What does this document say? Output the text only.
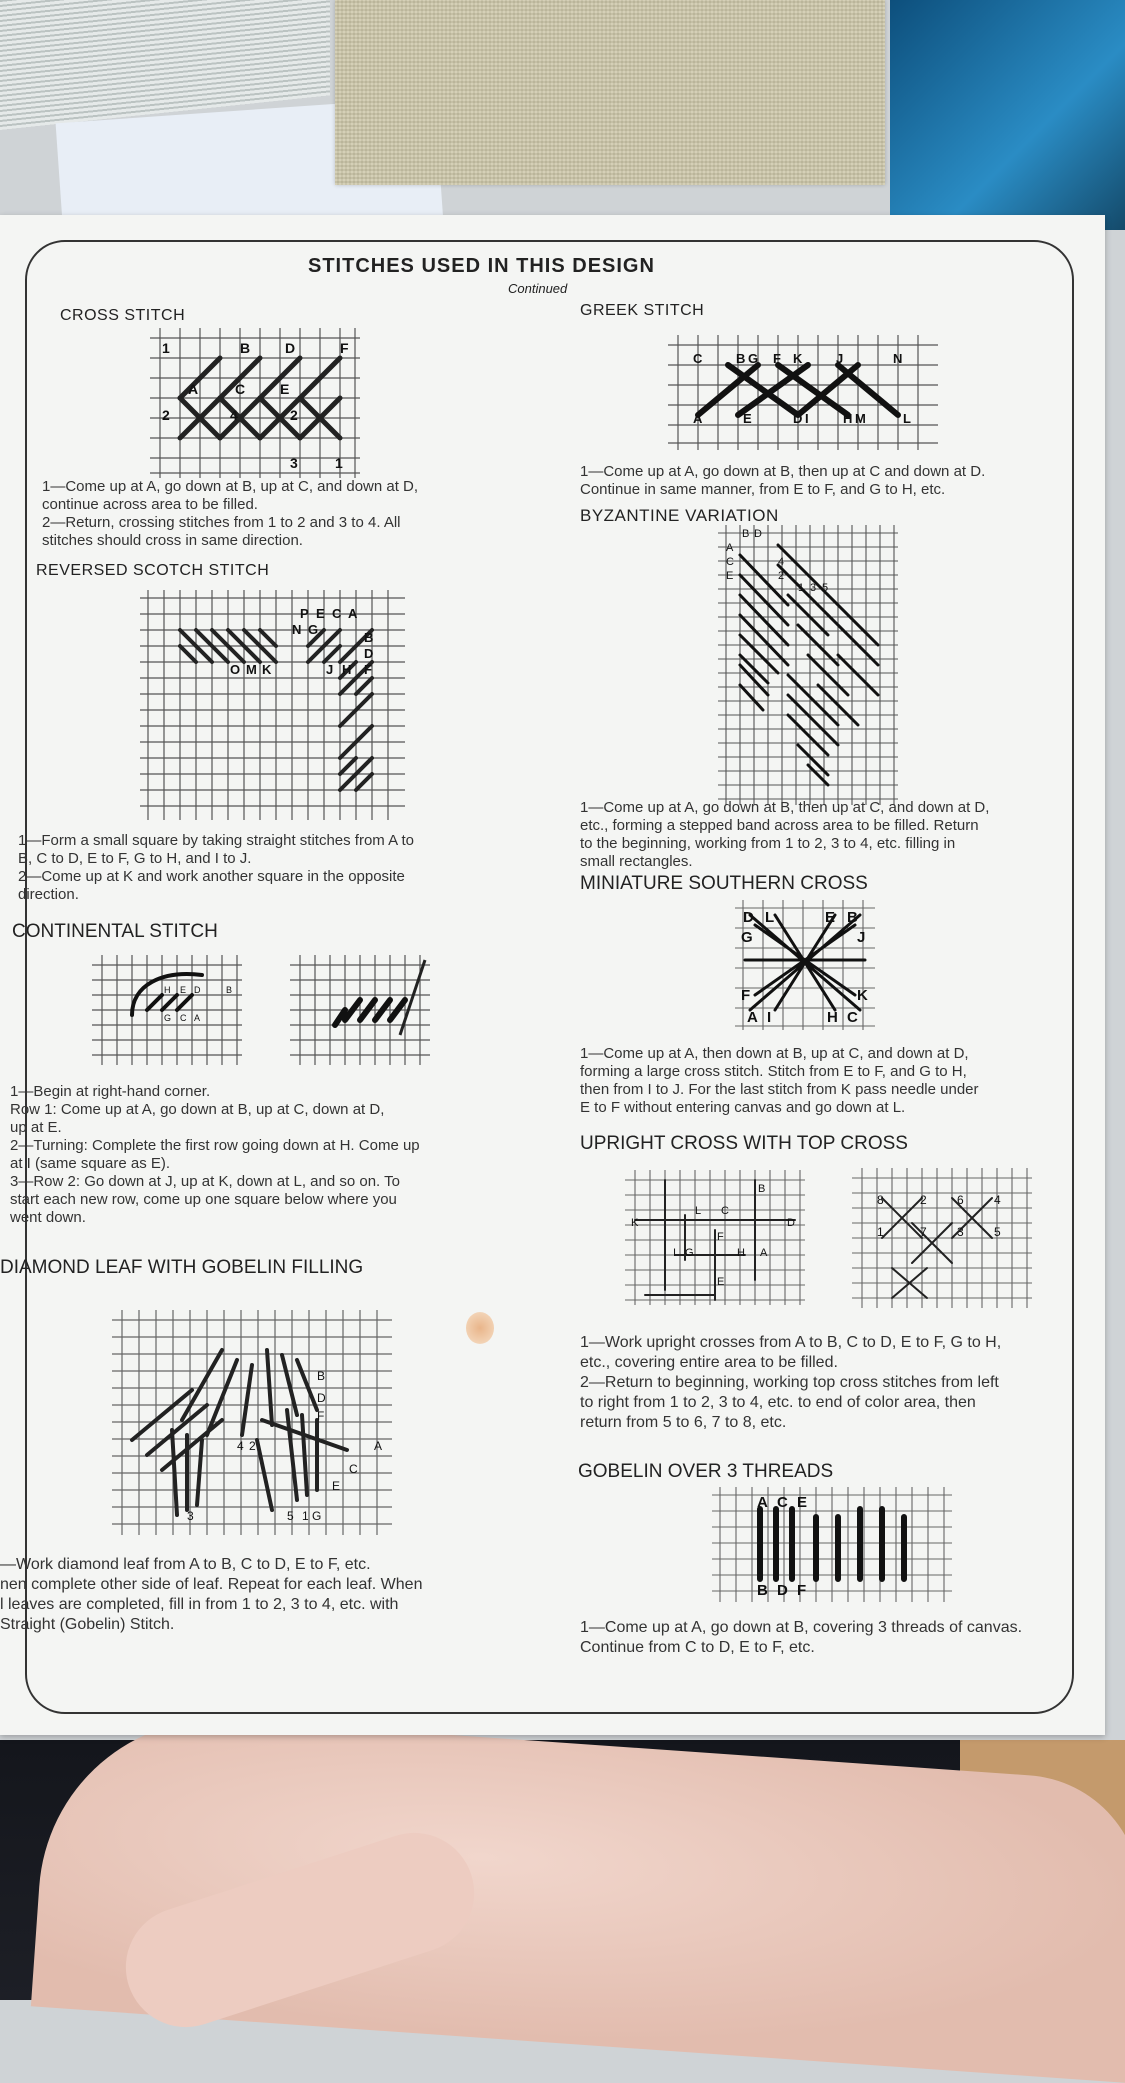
STITCHES USED IN THIS DESIGN
Continued
CROSS STITCH
1	B D	F
A	C E
2	4	2
3	1
1—Come up at A, go down at B, up at C, and down at D,
continue across area to be filled.
2—Return, crossing stitches from 1 to 2 and 3 to 4. All
stitches should cross in same direction.
REVERSED SCOTCH STITCH
P E C A
N G
B
D
O M K	J H F
1—Form a small square by taking straight stitches from A to
B, C to D, E to F, G to H, and I to J.
2—Come up at K and work another square in the opposite
direction.
CONTINENTAL STITCH
H E D	B
G C A
1—Begin at right-hand corner.
Row 1: Come up at A, go down at B, up at C, down at D,
up at E.
2—Turning: Complete the first row going down at H. Come up
at I (same square as E).
3—Row 2: Go down at J, up at K, down at L, and so on. To
start each new row, come up one square below where you
went down.
DIAMOND LEAF WITH GOBELIN FILLING
B
D
F
4 2	A
C
E
3	5 1 G
—Work diamond leaf from A to B, C to D, E to F, etc.
nen complete other side of leaf. Repeat for each leaf. When
l leaves are completed, fill in from 1 to 2, 3 to 4, etc. with
Straight (Gobelin) Stitch.
GREEK STITCH
C	B G F K	J	N
A	E	D I	H M	L
1—Come up at A, go down at B, then up at C and down at D.
Continue in same manner, from E to F, and G to H, etc.
BYZANTINE VARIATION
B D
A
C
E
4
2
1 3 5
1—Come up at A, go down at B, then up at C, and down at D,
etc., forming a stepped band across area to be filled. Return
to the beginning, working from 1 to 2, 3 to 4, etc. filling in
small rectangles.
MINIATURE SOUTHERN CROSS
D L	E B
G	J
F	K
A I	H C
1—Come up at A, then down at B, up at C, and down at D,
forming a large cross stitch. Stitch from E to F, and G to H,
then from I to J. For the last stitch from K pass needle under
E to F without entering canvas and go down at L.
UPRIGHT CROSS WITH TOP CROSS
B
K
L C
D
I G	H A
F
E
8	2	6	4
1	7	3	5
1—Work upright crosses from A to B, C to D, E to F, G to H,
etc., covering entire area to be filled.
2—Return to beginning, working top cross stitches from left
to right from 1 to 2, 3 to 4, etc. to end of color area, then
return from 5 to 6, 7 to 8, etc.
GOBELIN OVER 3 THREADS
A C E
B D F
1—Come up at A, go down at B, covering 3 threads of canvas.
Continue from C to D, E to F, etc.
